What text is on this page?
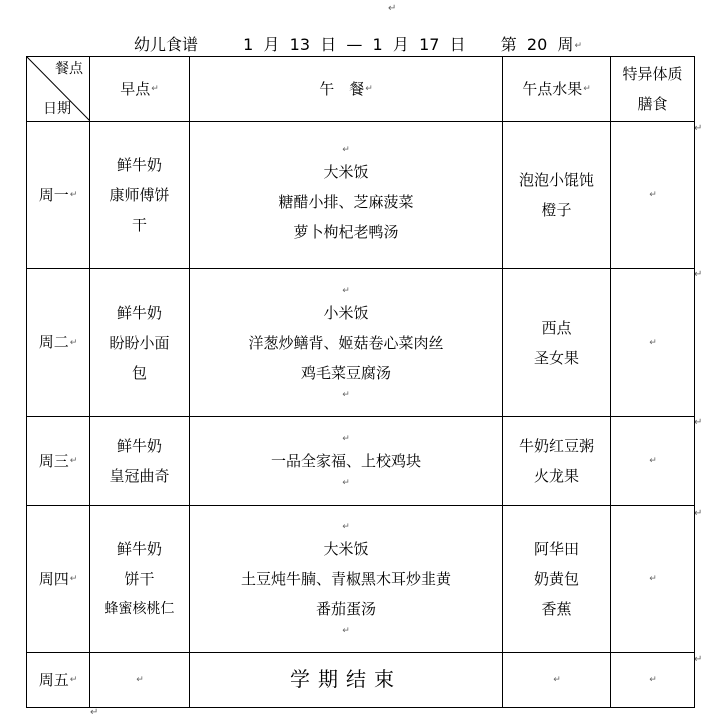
↵
↵
↵
↵
↵
↵
↵
幼儿食谱	1 月 13 日 — 1 月 17 日 第 20 周↵
餐点
日期	早点↵	午　餐↵	午点水果↵	特异体质
膳食

周一↵	鲜牛奶
康师傅饼
干	↵
大米饭
糖醋小排、芝麻菠菜
萝卜枸杞老鸭汤	泡泡小馄饨
橙子	↵
周二↵	鲜牛奶
盼盼小面
包	↵
小米饭
洋葱炒鳝背、姬菇卷心菜肉丝
鸡毛菜豆腐汤
↵	西点
圣女果	↵
周三↵	鲜牛奶
皇冠曲奇	↵
一品全家福、上校鸡块
↵	牛奶红豆粥
火龙果	↵
周四↵	鲜牛奶
饼干
蜂蜜核桃仁	↵
大米饭
土豆炖牛腩、青椒黑木耳炒韭黄
番茄蛋汤
↵	阿华田
奶黄包
香蕉	↵
周五↵	↵	学期结束	↵	↵
